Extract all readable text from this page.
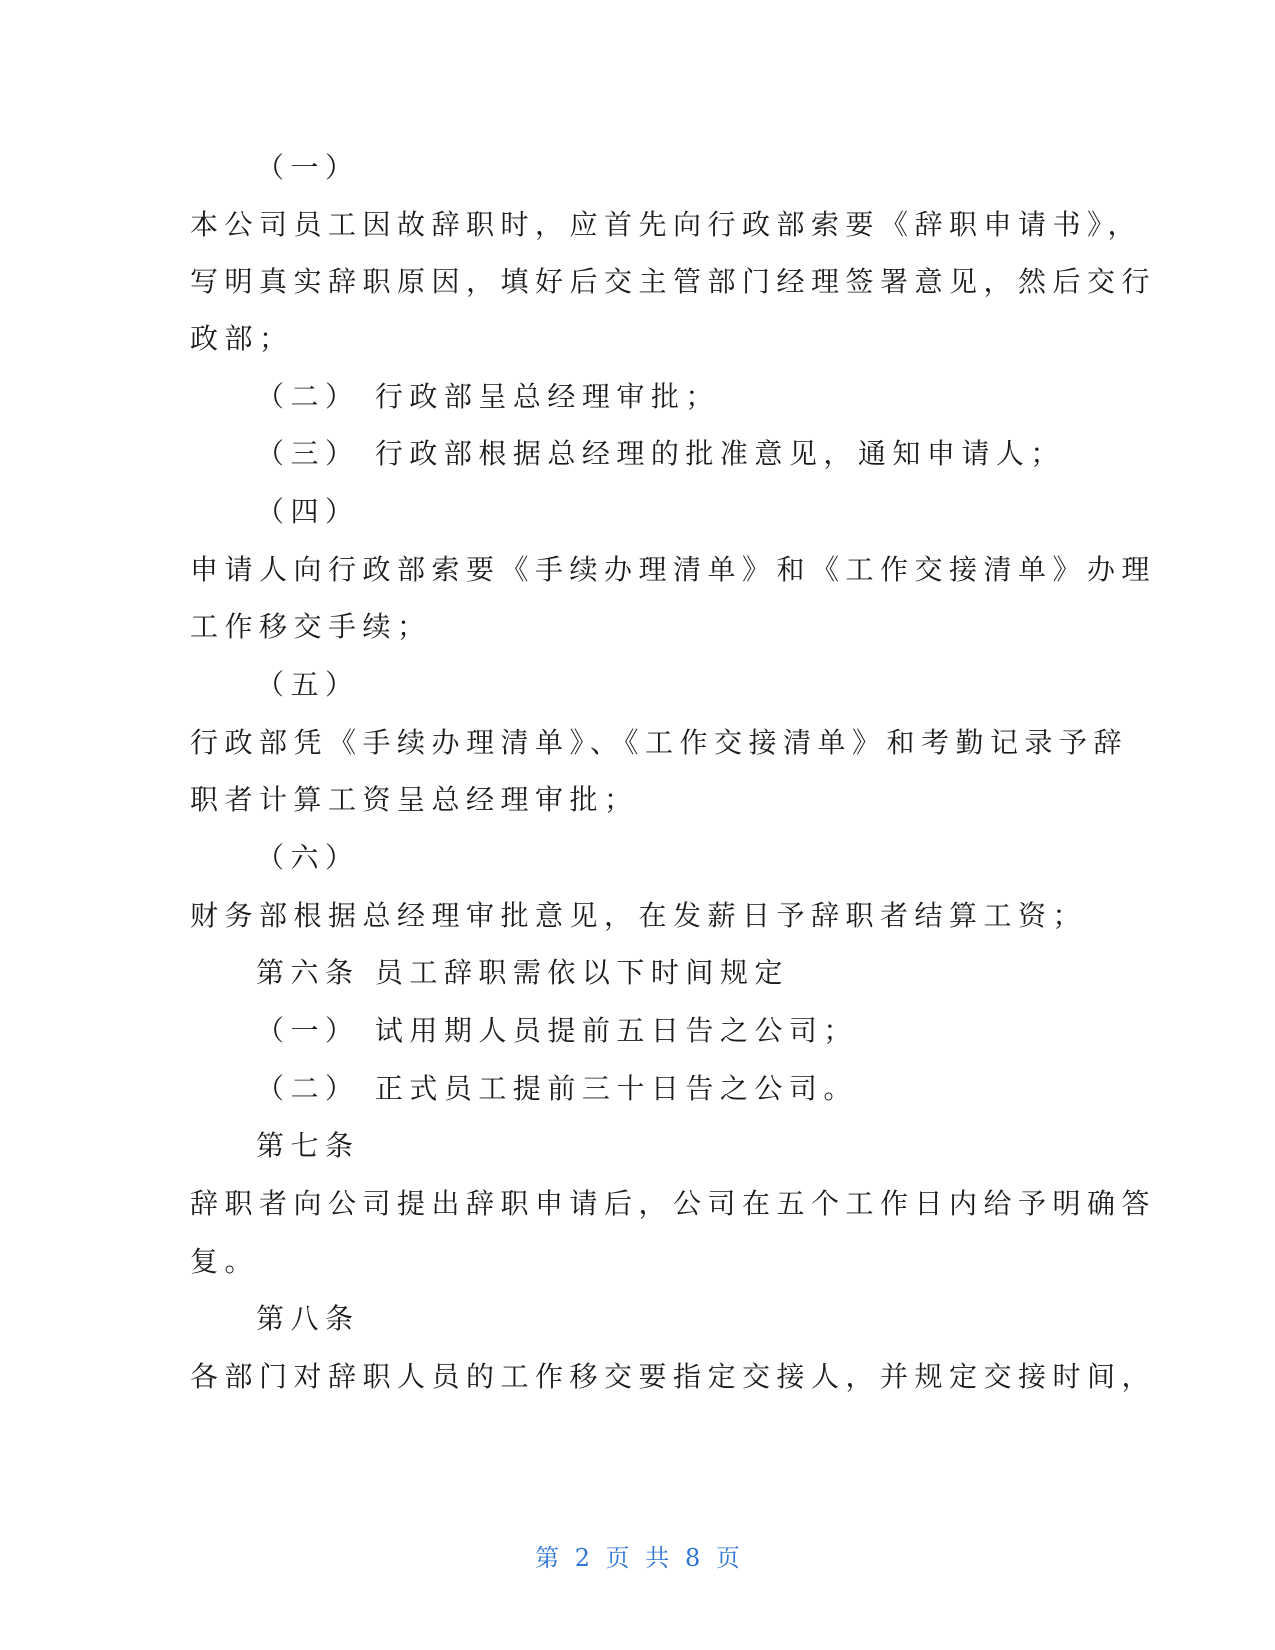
（一）
本公司员工因故辞职时，应首先向行政部索要《辞职申请书》，
写明真实辞职原因，填好后交主管部门经理签署意见，然后交行
政部；
（二） 行政部呈总经理审批；
（三） 行政部根据总经理的批准意见，通知申请人；
（四）
申请人向行政部索要《手续办理清单》和《工作交接清单》办理
工作移交手续；
（五）
行政部凭《手续办理清单》、《工作交接清单》和考勤记录予辞
职者计算工资呈总经理审批；
（六）
财务部根据总经理审批意见，在发薪日予辞职者结算工资；
第六条 员工辞职需依以下时间规定
（一） 试用期人员提前五日告之公司；
（二） 正式员工提前三十日告之公司。
第七条
辞职者向公司提出辞职申请后，公司在五个工作日内给予明确答
复。
第八条
各部门对辞职人员的工作移交要指定交接人，并规定交接时间，
第 2 页 共 8 页
